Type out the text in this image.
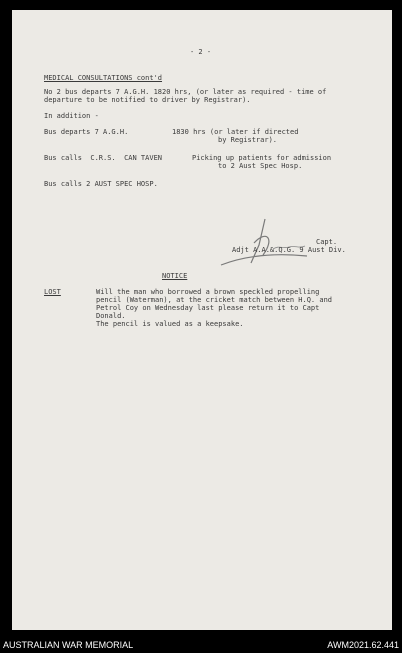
- 2 -
MEDICAL CONSULTATIONS cont'd
No 2 bus departs 7 A.G.H. 1820 hrs, (or later as required - time of
departure to be notified to driver by Registrar).
In addition -
Bus departs 7 A.G.H.	1830 hrs (or later if directed
by Registrar).
Bus calls  C.R.S.  CAN TAVEN	Picking up patients for admission
to 2 Aust Spec Hosp.
Bus calls 2 AUST SPEC HOSP.
Capt.
Adjt A.A.&.Q.G. 9 Aust Div.
NOTICE
LOST	Will the man who borrowed a brown speckled propelling
pencil (Waterman), at the cricket match between H.Q. and
Petrol Coy on Wednesday last please return it to Capt
Donald.
The pencil is valued as a keepsake.
AUSTRALIAN WAR MEMORIAL	AWM2021.62.441
